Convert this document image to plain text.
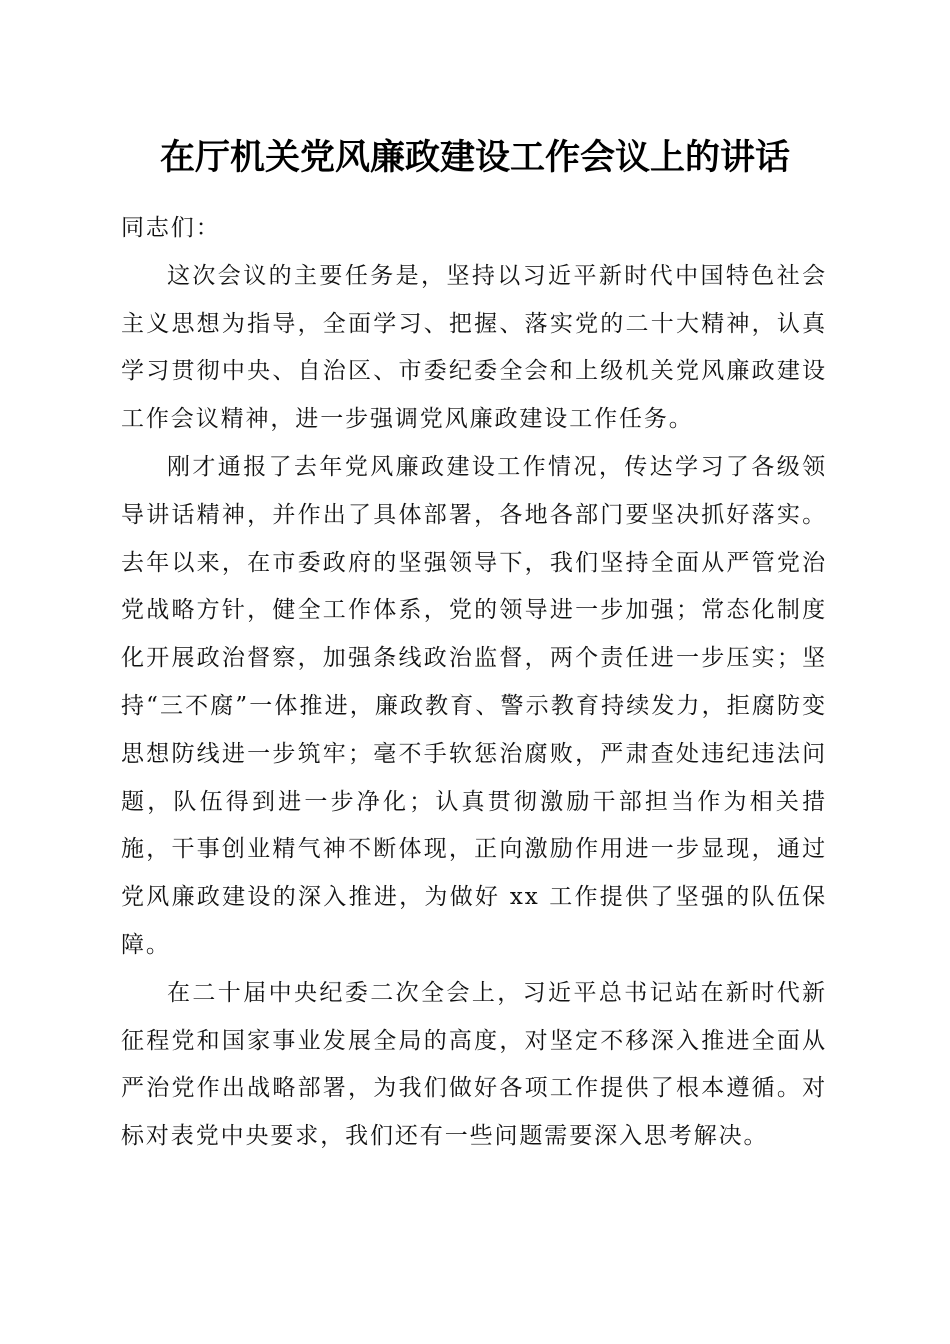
在厅机关党风廉政建设工作会议上的讲话

同志们：

这次会议的主要任务是，坚持以习近平新时代中国特色社会主义思想为指导，全面学习、把握、落实党的二十大精神，认真学习贯彻中央、自治区、市委纪委全会和上级机关党风廉政建设工作会议精神，进一步强调党风廉政建设工作任务。

刚才通报了去年党风廉政建设工作情况，传达学习了各级领导讲话精神，并作出了具体部署，各地各部门要坚决抓好落实。去年以来，在市委政府的坚强领导下，我们坚持全面从严管党治党战略方针，健全工作体系，党的领导进一步加强；常态化制度化开展政治督察，加强条线政治监督，两个责任进一步压实；坚持“三不腐”一体推进，廉政教育、警示教育持续发力，拒腐防变思想防线进一步筑牢；毫不手软惩治腐败，严肃查处违纪违法问题，队伍得到进一步净化；认真贯彻激励干部担当作为相关措施，干事创业精气神不断体现，正向激励作用进一步显现，通过党风廉政建设的深入推进，为做好 xx 工作提供了坚强的队伍保障。

在二十届中央纪委二次全会上，习近平总书记站在新时代新征程党和国家事业发展全局的高度，对坚定不移深入推进全面从严治党作出战略部署，为我们做好各项工作提供了根本遵循。对标对表党中央要求，我们还有一些问题需要深入思考解决。
